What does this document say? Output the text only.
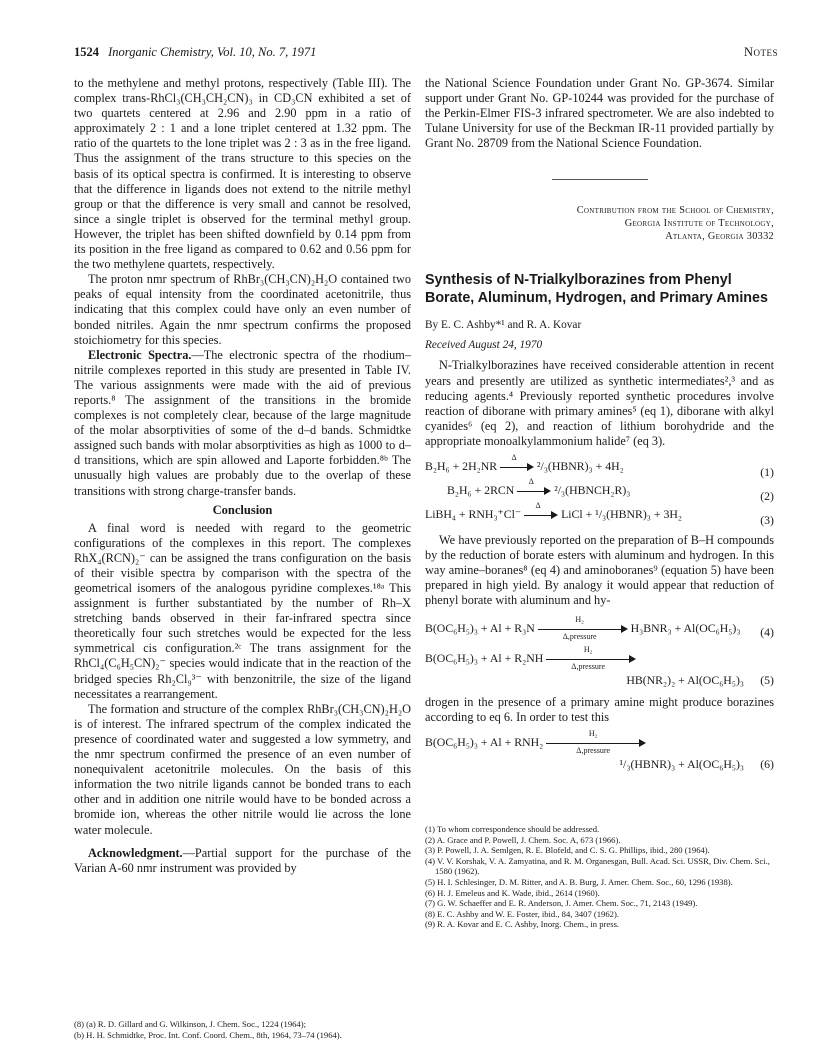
1524 Inorganic Chemistry, Vol. 10, No. 7, 1971	Notes

to the methylene and methyl protons, respectively (Table III). The complex trans-RhCl₃(CH₃CH₂CN)₃ in CD₃CN exhibited a set of two quartets centered at 2.96 and 2.90 ppm in a ratio of approximately 2 : 1 and a lone triplet centered at 1.32 ppm. The ratio of the quartets to the lone triplet was 2 : 3 as in the free ligand. Thus the assignment of the trans structure to this species on the basis of its optical spectra is confirmed. It is interesting to observe that the difference in ligands does not extend to the nitrile methyl group or that the difference is very small and cannot be resolved, since a single triplet is observed for the terminal methyl group. However, the triplet has been shifted downfield by 0.14 ppm from its position in the free ligand as compared to 0.62 and 0.56 ppm for the two methylene quartets, respectively.

The proton nmr spectrum of RhBr₃(CH₃CN)₂H₂O contained two peaks of equal intensity from the coordinated acetonitrile, thus indicating that this complex could have only an even number of bonded nitriles. Again the nmr spectrum confirms the proposed stoichiometry for this species.

Electronic Spectra.—The electronic spectra of the rhodium–nitrile complexes reported in this study are presented in Table IV. The various assignments were made with the aid of previous reports.⁸ The assignment of the transitions in the bromide complexes is not completely clear, because of the large magnitude of the molar absorptivities of some of the d–d bands. Schmidtke assigned such bands with molar absorptivities as high as 1000 to d–d transitions, which are spin allowed and Laporte forbidden.⁸ᵇ The unusually high values are probably due to the overlap of these transitions with strong charge-transfer bands.

Conclusion

A final word is needed with regard to the geometric configurations of the complexes in this report. The complexes RhX₄(RCN)₂⁻ can be assigned the trans configuration on the basis of their visible spectra by comparison with the spectra of the geometrical isomers of the analogous pyridine complexes.¹⁸ᵃ This assignment is further substantiated by the number of Rh–X stretching bands observed in their far-infrared spectra since theoretically four such stretches would be expected for the less symmetrical cis configuration.²ᶜ The trans assignment for the RhCl₄(C₆H₅CN)₂⁻ species would indicate that in the reaction of the bridged species Rh₂Cl₉³⁻ with benzonitrile, the size of the ligand necessitates a rearrangement.

The formation and structure of the complex RhBr₃(CH₃CN)₂H₂O is of interest. The infrared spectrum of the complex indicated the presence of coordinated water and suggested a low symmetry, and the nmr spectrum confirmed the presence of an even number of nonequivalent acetonitrile molecules. On the basis of this information the two nitrile ligands cannot be bonded trans to each other and in addition one nitrile would have to be bonded across a bromide ion, whereas the other nitrile would lie across the lone water molecule.

Acknowledgment.—Partial support for the purchase of the Varian A-60 nmr instrument was provided by

(8) (a) R. D. Gillard and G. Wilkinson, J. Chem. Soc., 1224 (1964);
(b) H. H. Schmidtke, Proc. Int. Conf. Coord. Chem., 8th, 1964, 73–74 (1964).

the National Science Foundation under Grant No. GP-3674. Similar support under Grant No. GP-10244 was provided for the purchase of the Perkin-Elmer FIS-3 infrared spectrometer. We are also indebted to Tulane University for use of the Beckman IR-11 provided partially by Grant No. 28709 from the National Science Foundation.

Contribution from the School of Chemistry,
Georgia Institute of Technology,
Atlanta, Georgia 30332
Synthesis of N-Trialkylborazines from Phenyl Borate, Aluminum, Hydrogen, and Primary Amines
By E. C. Ashby*¹ and R. A. Kovar
Received August 24, 1970

N-Trialkylborazines have received considerable attention in recent years and presently are utilized as synthetic intermediates²,³ and as reducing agents.⁴ Previously reported synthetic procedures involve reaction of diborane with primary amines⁵ (eq 1), diborane with alkyl cyanides⁶ (eq 2), and reaction of lithium borohydride and the appropriate monoalkylammonium halide⁷ (eq 3).

B₂H₆ + 2H₂NR
Δ
²/₃(HBNR)₃ + 4H₂	(1)
B₂H₆ + 2RCN
Δ
²/₃(HBNCH₂R)₃	(2)
LiBH₄ + RNH₃⁺Cl⁻
Δ
LiCl + ¹/₃(HBNR)₃ + 3H₂	(3)

We have previously reported on the preparation of B–H compounds by the reduction of borate esters with aluminum and hydrogen. In this way amine–boranes⁸ (eq 4) and aminoboranes⁹ (equation 5) have been prepared in high yield. By analogy it would appear that reduction of phenyl borate with aluminum and hy-

B(OC₆H₅)₃ + Al + R₃N
H₂
Δ,pressure
H₃BNR₃ + Al(OC₆H₅)₃ (4)
B(OC₆H₅)₃ + Al + R₂NH
H₂
Δ,pressure
HB(NR₂)₂ + Al(OC₆H₅)₃ (5)

drogen in the presence of a primary amine might produce borazines according to eq 6. In order to test this

B(OC₆H₅)₃ + Al + RNH₂
H₂
Δ,pressure
¹/₃(HBNR)₃ + Al(OC₆H₅)₃ (6)
(1) To whom correspondence should be addressed.
(2) A. Grace and P. Powell, J. Chem. Soc. A, 673 (1966).
(3) P. Powell, J. A. Semlgen, R. E. Blofeld, and C. S. G. Phillips, ibid., 280 (1964).
(4) V. V. Korshak, V. A. Zamyatina, and R. M. Organesgan, Bull. Acad. Sci. USSR, Div. Chem. Sci., 1580 (1962).
(5) H. I. Schlesinger, D. M. Ritter, and A. B. Burg, J. Amer. Chem. Soc., 60, 1296 (1938).
(6) H. J. Emeleus and K. Wade, ibid., 2614 (1960).
(7) G. W. Schaeffer and E. R. Anderson, J. Amer. Chem. Soc., 71, 2143 (1949).
(8) E. C. Ashby and W. E. Foster, ibid., 84, 3407 (1962).
(9) R. A. Kovar and E. C. Ashby, Inorg. Chem., in press.
